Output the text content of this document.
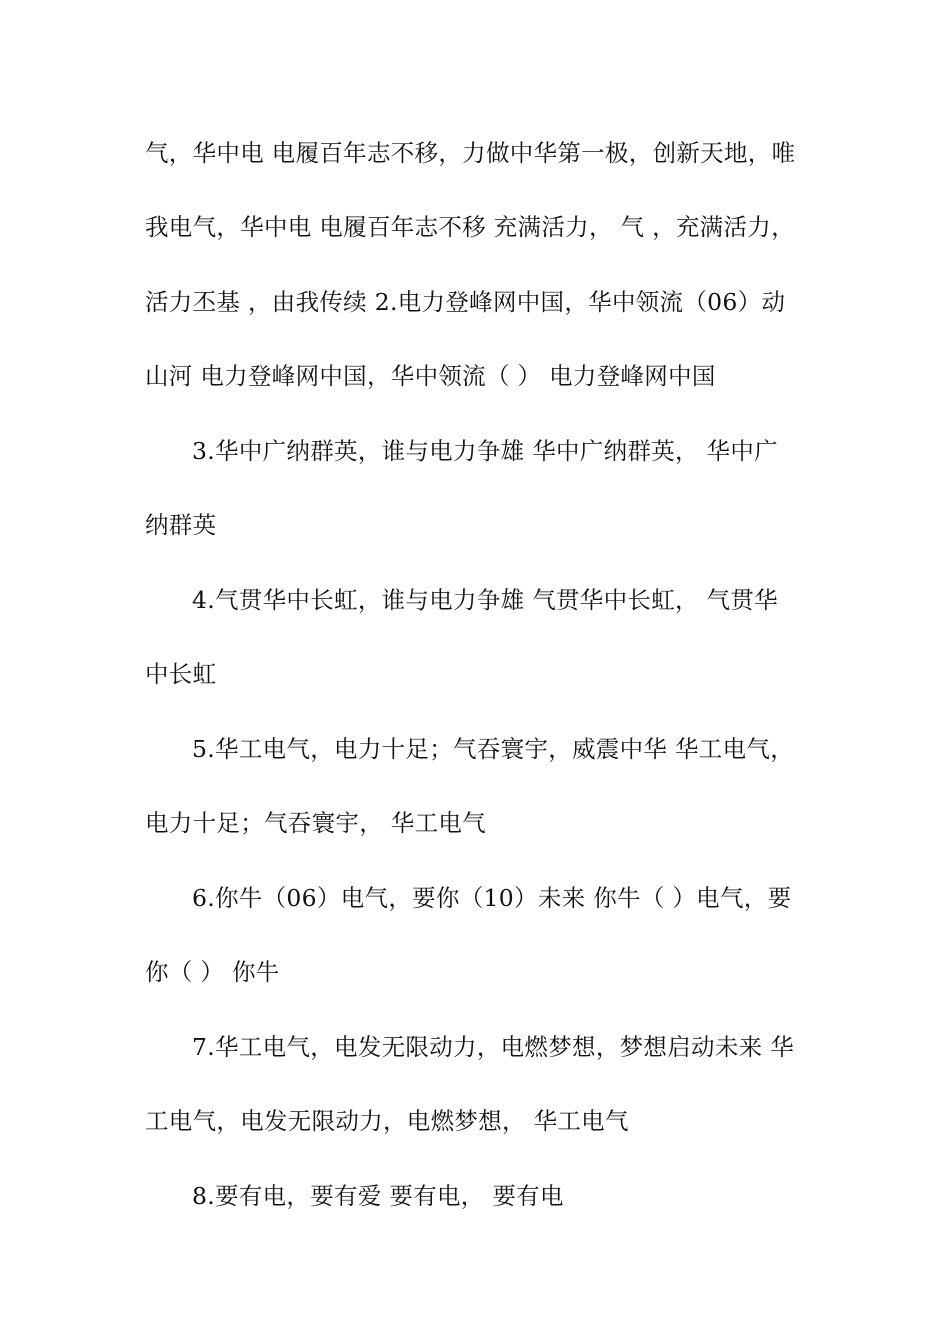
气，华中电 电履百年志不移，力做中华第一极，创新天地，唯
我电气，华中电 电履百年志不移 充满活力， 气 ，充满活力，
活力丕基 ，由我传续 2.电力登峰网中国，华中领流（06）动
山河 电力登峰网中国，华中领流（ ） 电力登峰网中国
3.华中广纳群英，谁与电力争雄 华中广纳群英， 华中广
纳群英
4.气贯华中长虹，谁与电力争雄 气贯华中长虹， 气贯华
中长虹
5.华工电气，电力十足；气吞寰宇，威震中华 华工电气，
电力十足；气吞寰宇， 华工电气
6.你牛（06）电气，要你（10）未来 你牛（ ）电气，要
你（ ） 你牛
7.华工电气，电发无限动力，电燃梦想，梦想启动未来 华
工电气，电发无限动力，电燃梦想， 华工电气
8.要有电，要有爱 要有电， 要有电
